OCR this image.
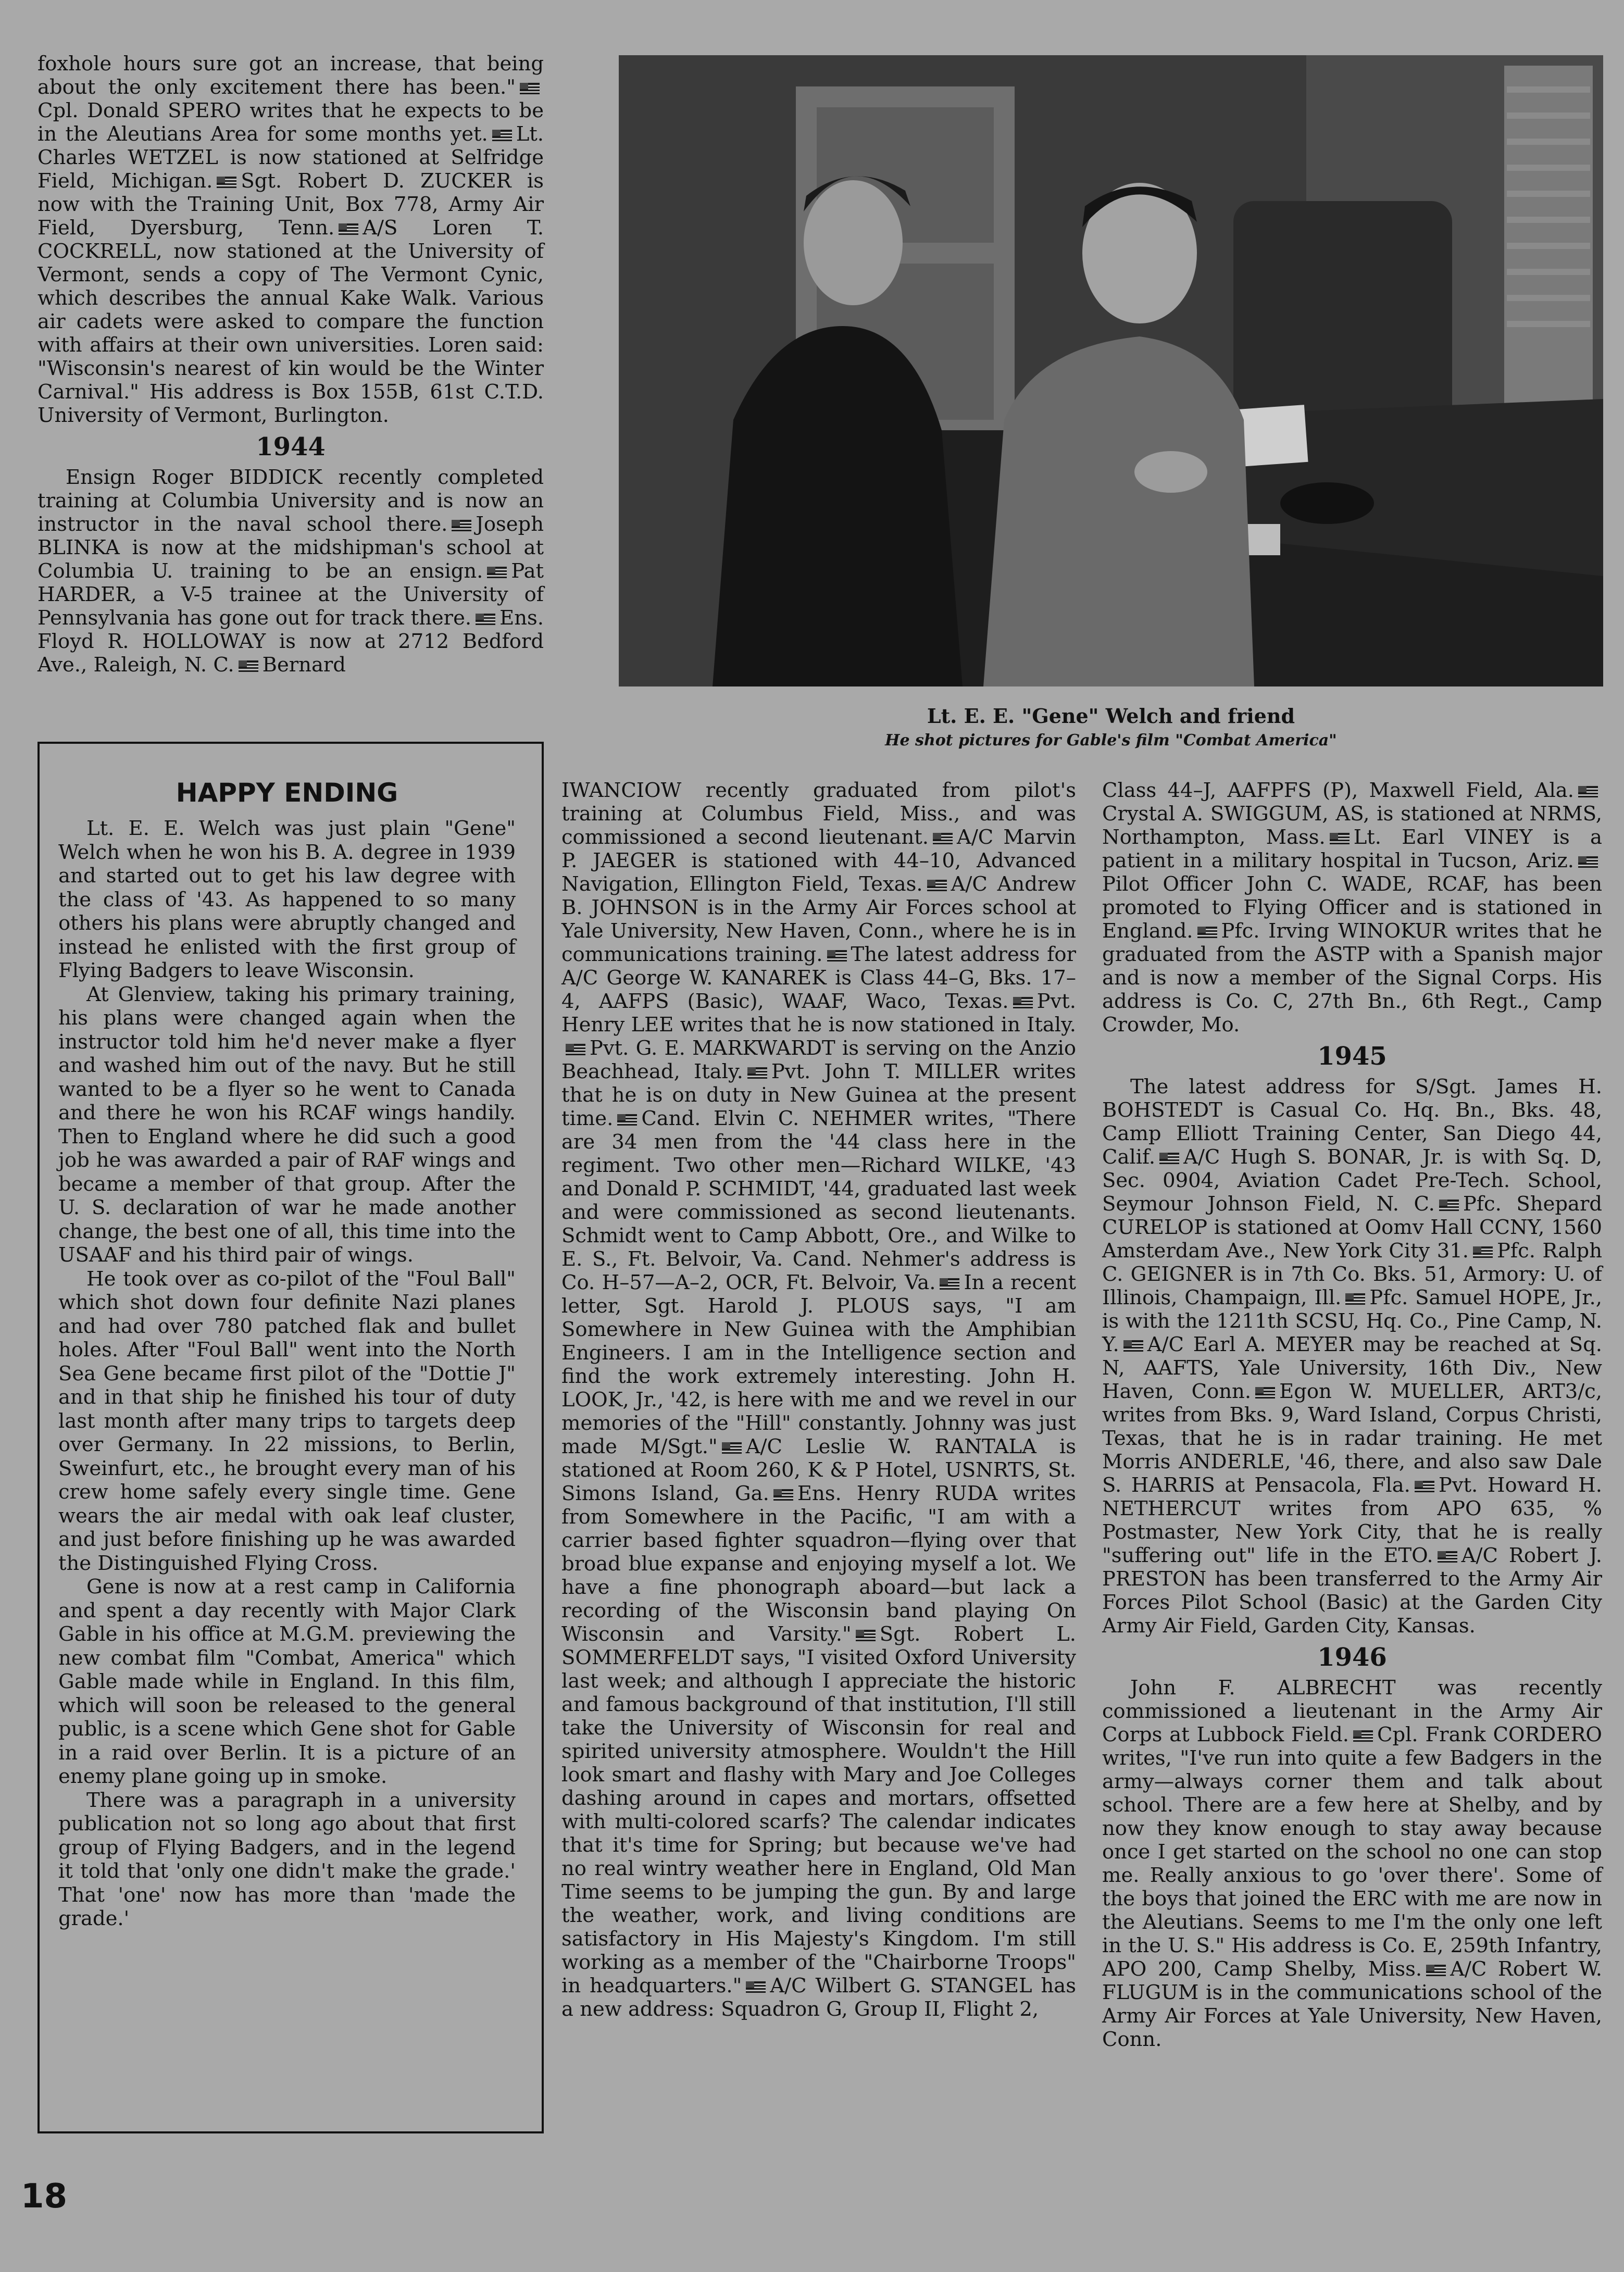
foxhole hours sure got an increase, that being about the only excitement there has been."Cpl. Donald SPERO writes that he expects to be in the Aleutians Area for some months yet. Lt. Charles WETZEL is now stationed at Selfridge Field, Michigan. Sgt. Robert D. ZUCKER is now with the Training Unit, Box 778, Army Air Field, Dyersburg, Tenn. A/S Loren T. COCKRELL, now stationed at the University of Vermont, sends a copy of The Vermont Cynic, which describes the annual Kake Walk. Various air cadets were asked to compare the function with affairs at their own universities. Loren said: "Wisconsin's nearest of kin would be the Winter Carnival." His address is Box 155B, 61st C.T.D. University of Vermont, Burlington.

1944

Ensign Roger BIDDICK recently completed training at Columbia University and is now an instructor in the naval school there. Joseph BLINKA is now at the midshipman's school at Columbia U. training to be an ensign. Pat HARDER, a V-5 trainee at the University of Pennsylvania has gone out for track there. Ens. Floyd R. HOLLOWAY is now at 2712 Bedford Ave., Raleigh, N. C. Bernard

Lt. E. E. "Gene" Welch and friend
He shot pictures for Gable's film "Combat America"
HAPPY ENDING

Lt. E. E. Welch was just plain "Gene" Welch when he won his B. A. degree in 1939 and started out to get his law degree with the class of '43. As happened to so many others his plans were abruptly changed and instead he enlisted with the first group of Flying Badgers to leave Wisconsin.

At Glenview, taking his primary training, his plans were changed again when the instructor told him he'd never make a flyer and washed him out of the navy. But he still wanted to be a flyer so he went to Canada and there he won his RCAF wings handily. Then to England where he did such a good job he was awarded a pair of RAF wings and became a member of that group. After the U. S. declaration of war he made another change, the best one of all, this time into the USAAF and his third pair of wings.

He took over as co-pilot of the "Foul Ball" which shot down four definite Nazi planes and had over 780 patched flak and bullet holes. After "Foul Ball" went into the North Sea Gene became first pilot of the "Dottie J" and in that ship he finished his tour of duty last month after many trips to targets deep over Germany. In 22 missions, to Berlin, Sweinfurt, etc., he brought every man of his crew home safely every single time. Gene wears the air medal with oak leaf cluster, and just before finishing up he was awarded the Distinguished Flying Cross.

Gene is now at a rest camp in California and spent a day recently with Major Clark Gable in his office at M.G.M. previewing the new combat film "Combat, America" which Gable made while in England. In this film, which will soon be released to the general public, is a scene which Gene shot for Gable in a raid over Berlin. It is a picture of an enemy plane going up in smoke.

There was a paragraph in a university publication not so long ago about that first group of Flying Badgers, and in the legend it told that 'only one didn't make the grade.' That 'one' now has more than 'made the grade.'

IWANCIOW recently graduated from pilot's training at Columbus Field, Miss., and was commissioned a second lieutenant. A/C Marvin P. JAEGER is stationed with 44–10, Advanced Navigation, Ellington Field, Texas. A/C Andrew B. JOHNSON is in the Army Air Forces school at Yale University, New Haven, Conn., where he is in communications training. The latest address for A/C George W. KANAREK is Class 44–G, Bks. 17–4, AAFPS (Basic), WAAF, Waco, Texas. Pvt. Henry LEE writes that he is now stationed in Italy.Pvt. G. E. MARKWARDT is serving on the Anzio Beachhead, Italy. Pvt. John T. MILLER writes that he is on duty in New Guinea at the present time. Cand. Elvin C. NEHMER writes, "There are 34 men from the '44 class here in the regiment. Two other men—Richard WILKE, '43 and Donald P. SCHMIDT, '44, graduated last week and were commissioned as second lieutenants. Schmidt went to Camp Abbott, Ore., and Wilke to E. S., Ft. Belvoir, Va. Cand. Nehmer's address is Co. H–57—A–2, OCR, Ft. Belvoir, Va. In a recent letter, Sgt. Harold J. PLOUS says, "I am Somewhere in New Guinea with the Amphibian Engineers. I am in the Intelligence section and find the work extremely interesting. John H. LOOK, Jr., '42, is here with me and we revel in our memories of the "Hill" constantly. Johnny was just made M/Sgt." A/C Leslie W. RANTALA is stationed at Room 260, K & P Hotel, USNRTS, St. Simons Island, Ga. Ens. Henry RUDA writes from Somewhere in the Pacific, "I am with a carrier based fighter squadron—flying over that broad blue expanse and enjoying myself a lot. We have a fine phonograph aboard—but lack a recording of the Wisconsin band playing On Wisconsin and Varsity." Sgt. Robert L. SOMMERFELDT says, "I visited Oxford University last week; and although I appreciate the historic and famous background of that institution, I'll still take the University of Wisconsin for real and spirited university atmosphere. Wouldn't the Hill look smart and flashy with Mary and Joe Colleges dashing around in capes and mortars, offsetted with multi-colored scarfs? The calendar indicates that it's time for Spring; but because we've had no real wintry weather here in England, Old Man Time seems to be jumping the gun. By and large the weather, work, and living conditions are satisfactory in His Majesty's Kingdom. I'm still working as a member of the "Chairborne Troops" in headquarters." A/C Wilbert G. STANGEL has a new address: Squadron G, Group II, Flight 2,

Class 44–J, AAFPFS (P), Maxwell Field, Ala.Crystal A. SWIGGUM, AS, is stationed at NRMS, Northampton, Mass. Lt. Earl VINEY is a patient in a military hospital in Tucson, Ariz.Pilot Officer John C. WADE, RCAF, has been promoted to Flying Officer and is stationed in England. Pfc. Irving WINOKUR writes that he graduated from the ASTP with a Spanish major and is now a member of the Signal Corps. His address is Co. C, 27th Bn., 6th Regt., Camp Crowder, Mo.

1945

The latest address for S/Sgt. James H. BOHSTEDT is Casual Co. Hq. Bn., Bks. 48, Camp Elliott Training Center, San Diego 44, Calif. A/C Hugh S. BONAR, Jr. is with Sq. D, Sec. 0904, Aviation Cadet Pre-Tech. School, Seymour Johnson Field, N. C. Pfc. Shepard CURELOP is stationed at Oomv Hall CCNY, 1560 Amsterdam Ave., New York City 31. Pfc. Ralph C. GEIGNER is in 7th Co. Bks. 51, Armory: U. of Illinois, Champaign, Ill. Pfc. Samuel HOPE, Jr., is with the 1211th SCSU, Hq. Co., Pine Camp, N. Y. A/C Earl A. MEYER may be reached at Sq. N, AAFTS, Yale University, 16th Div., New Haven, Conn. Egon W. MUELLER, ART3/c, writes from Bks. 9, Ward Island, Corpus Christi, Texas, that he is in radar training. He met Morris ANDERLE, '46, there, and also saw Dale S. HARRIS at Pensacola, Fla. Pvt. Howard H. NETHERCUT writes from APO 635, % Postmaster, New York City, that he is really "suffering out" life in the ETO. A/C Robert J. PRESTON has been transferred to the Army Air Forces Pilot School (Basic) at the Garden City Army Air Field, Garden City, Kansas.

1946

John F. ALBRECHT was recently commissioned a lieutenant in the Army Air Corps at Lubbock Field. Cpl. Frank CORDERO writes, "I've run into quite a few Badgers in the army—always corner them and talk about school. There are a few here at Shelby, and by now they know enough to stay away because once I get started on the school no one can stop me. Really anxious to go 'over there'. Some of the boys that joined the ERC with me are now in the Aleutians. Seems to me I'm the only one left in the U. S." His address is Co. E, 259th Infantry, APO 200, Camp Shelby, Miss. A/C Robert W. FLUGUM is in the communications school of the Army Air Forces at Yale University, New Haven, Conn.

18
